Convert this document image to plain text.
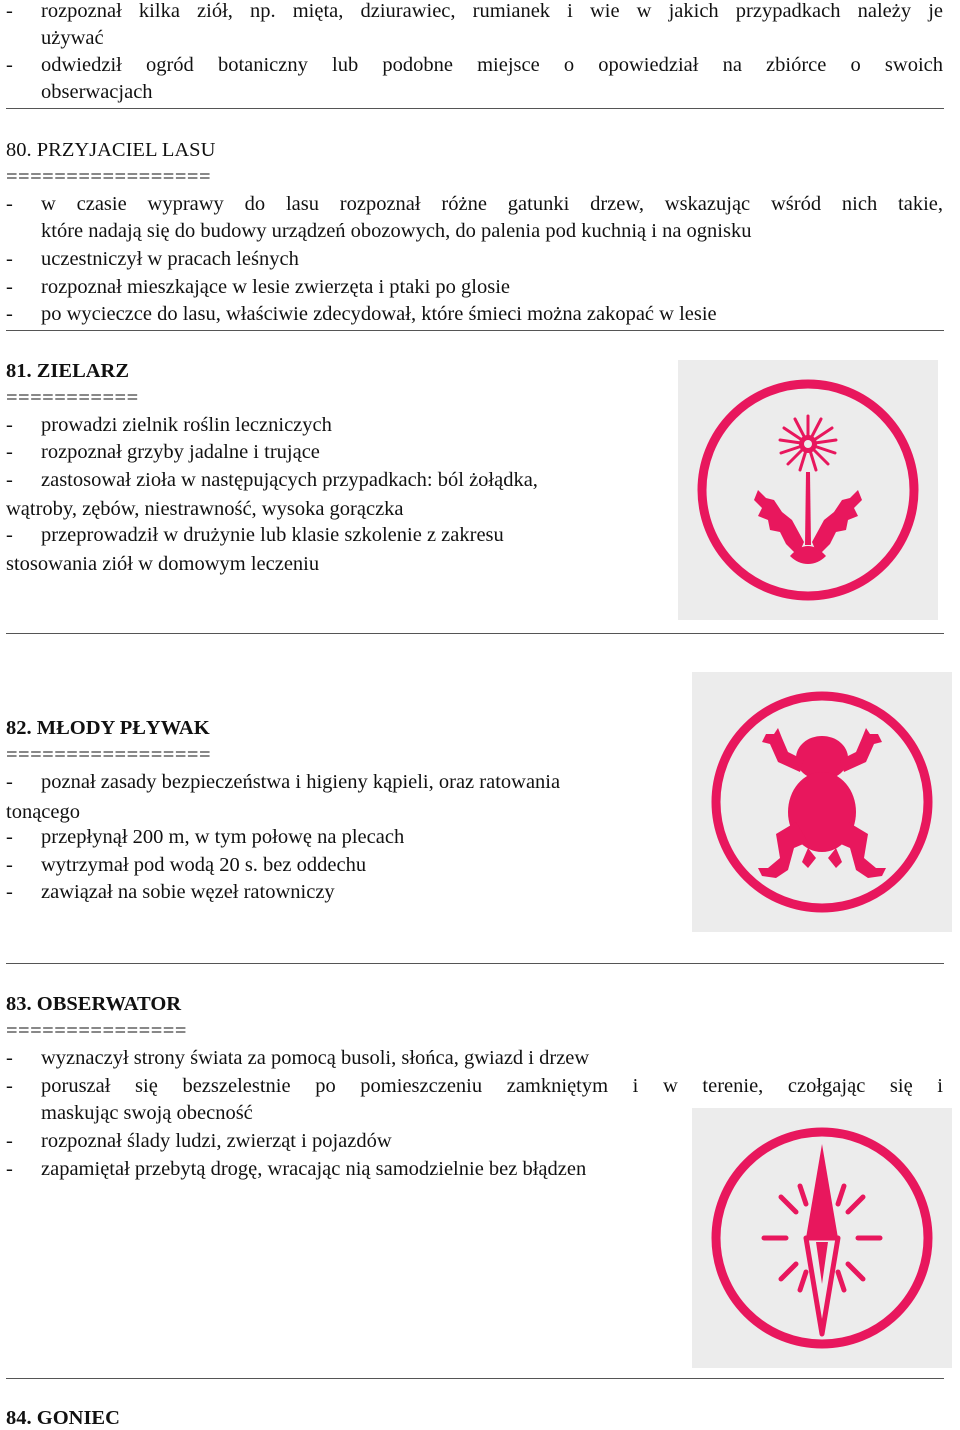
- rozpoznał kilka ziół, np. mięta, dziurawiec, rumianek i wie w jakich przypadkach należy je
używać
- odwiedził ogród botaniczny lub podobne miejsce o opowiedział na zbiórce o swoich
obserwacjach
80. PRZYJACIEL LASU
=================
- w czasie wyprawy do lasu rozpoznał różne gatunki drzew, wskazując wśród nich takie,
które nadają się do budowy urządzeń obozowych, do palenia pod kuchnią i na ognisku
- uczestniczył w pracach leśnych
- rozpoznał mieszkające w lesie zwierzęta i ptaki po glosie
- po wycieczce do lasu, właściwie zdecydował, które śmieci można zakopać w lesie
81. ZIELARZ
===========
- prowadzi zielnik roślin leczniczych
- rozpoznał grzyby jadalne i trujące
- zastosował zioła w następujących przypadkach: ból żołądka,
wątroby, zębów, niestrawność, wysoka gorączka
- przeprowadził w drużynie lub klasie szkolenie z zakresu
stosowania ziół w domowym leczeniu
82. MŁODY PŁYWAK
=================
- poznał zasady bezpieczeństwa i higieny kąpieli, oraz ratowania
tonącego
- przepłynął 200 m, w tym połowę na plecach
- wytrzymał pod wodą 20 s. bez oddechu
- zawiązał na sobie węzeł ratowniczy
83. OBSERWATOR
===============
- wyznaczył strony świata za pomocą busoli, słońca, gwiazd i drzew
- poruszał się bezszelestnie po pomieszczeniu zamkniętym i w terenie, czołgając się i
maskując swoją obecność
- rozpoznał ślady ludzi, zwierząt i pojazdów
- zapamiętał przebytą drogę, wracając nią samodzielnie bez błądzen
84. GONIEC
